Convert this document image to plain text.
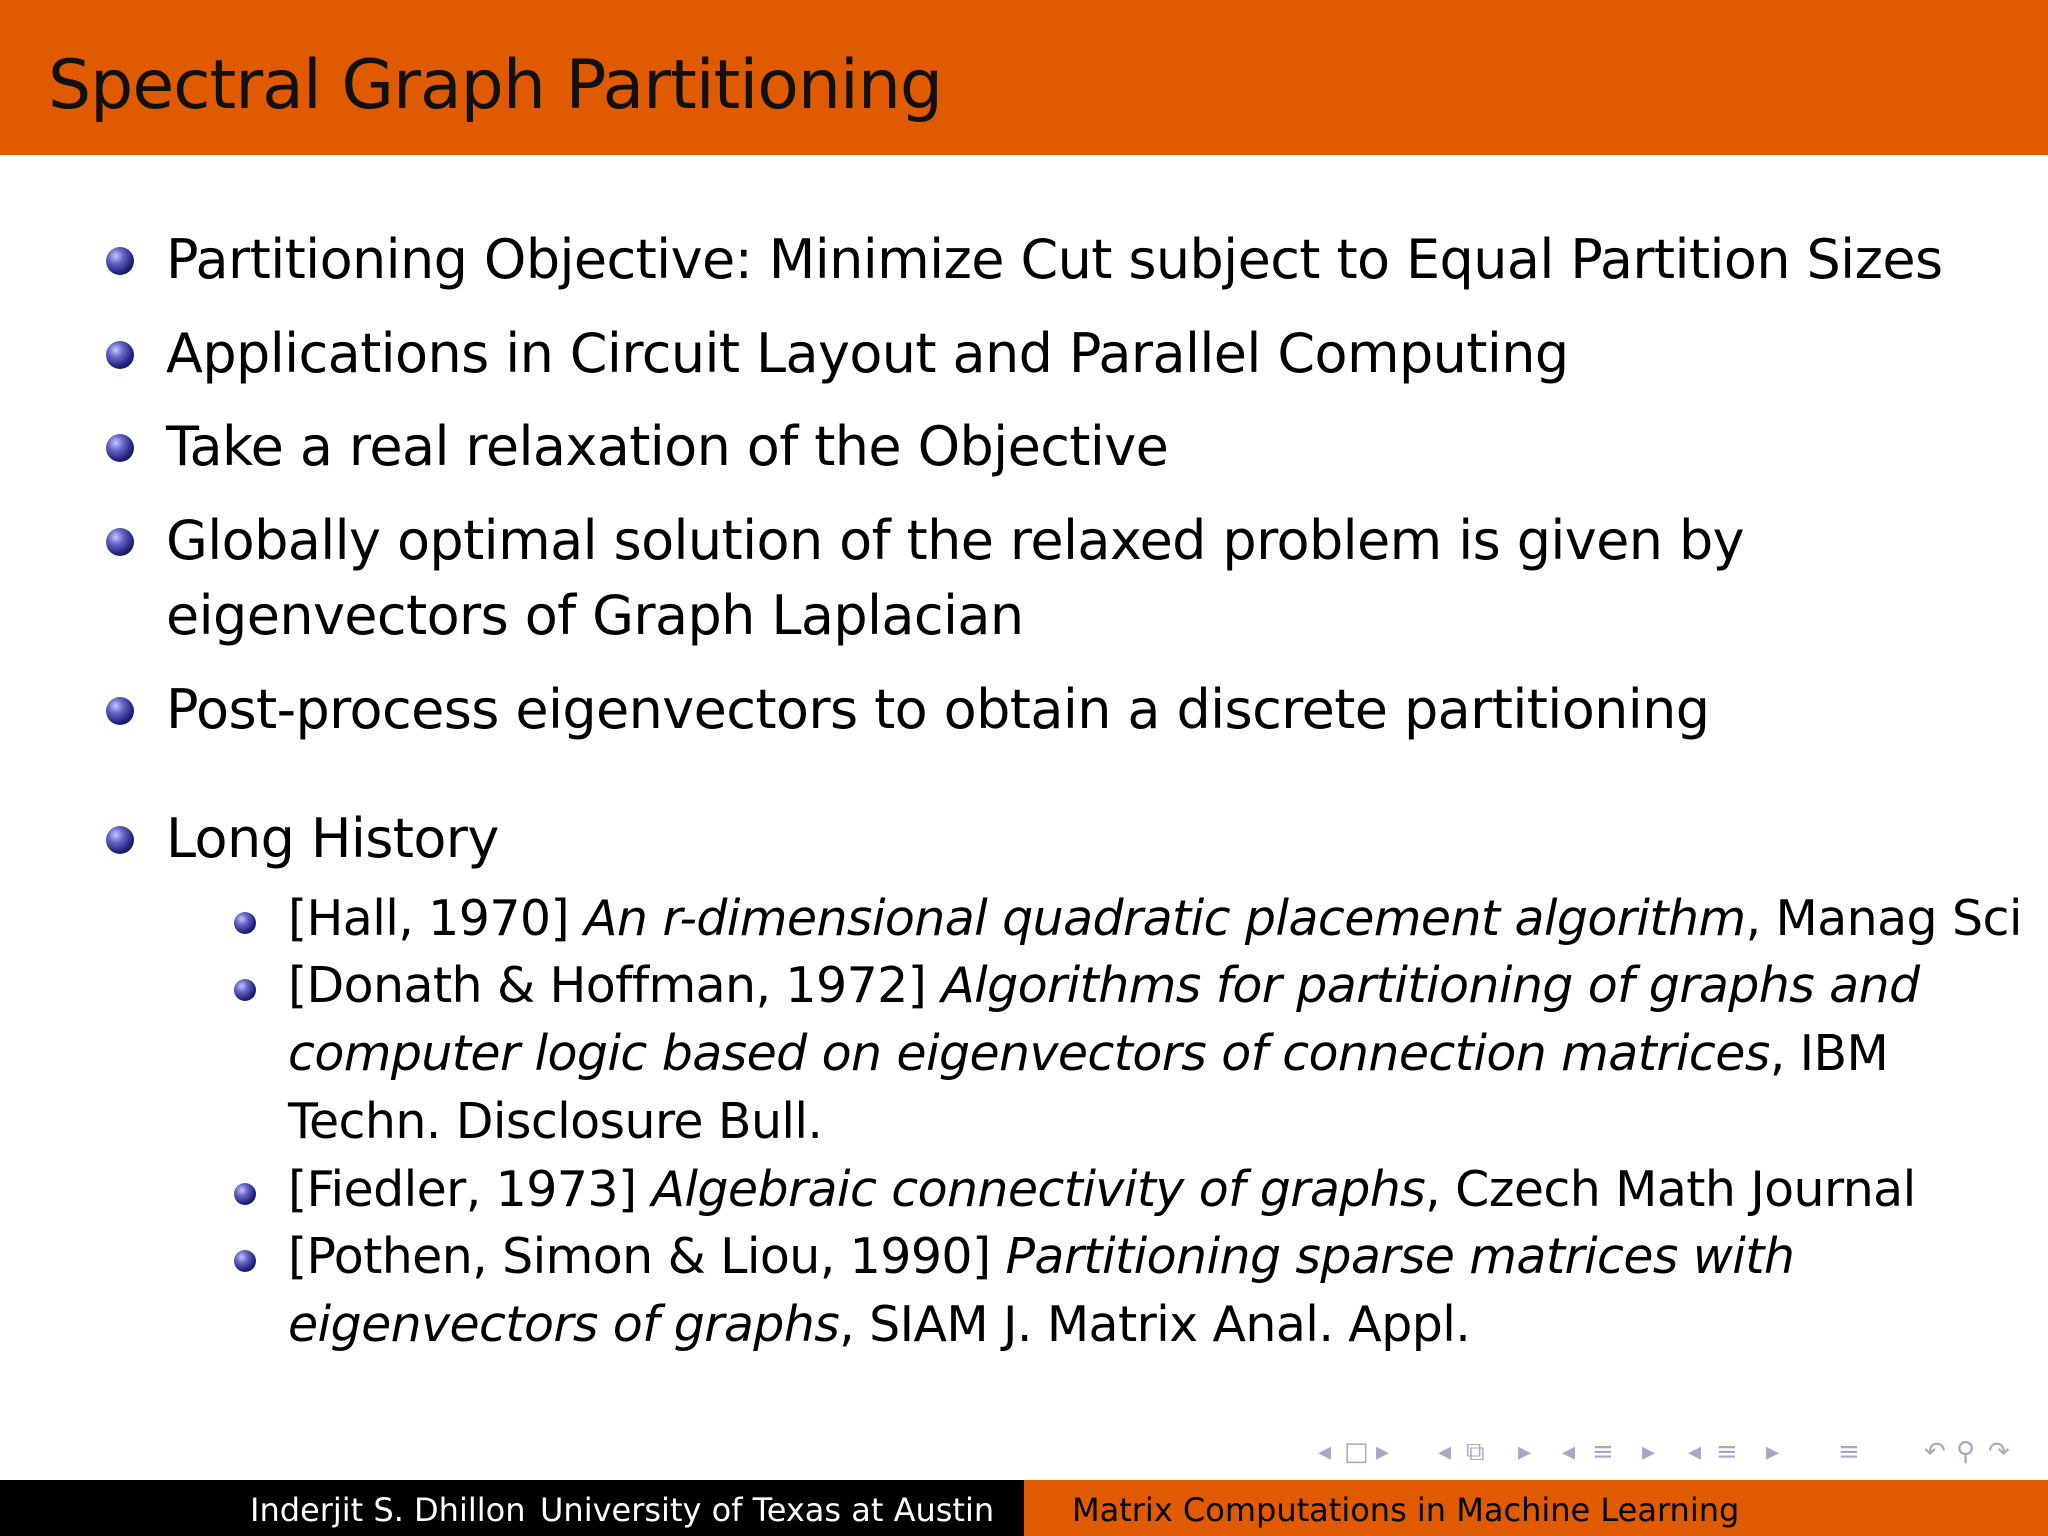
Spectral Graph Partitioning
Partitioning Objective: Minimize Cut subject to Equal Partition Sizes
Applications in Circuit Layout and Parallel Computing
Take a real relaxation of the Objective
Globally optimal solution of the relaxed problem is given by
eigenvectors of Graph Laplacian
Post-process eigenvectors to obtain a discrete partitioning
Long History
[Hall, 1970] An r-dimensional quadratic placement algorithm, Manag Sci
[Donath & Hoffman, 1972] Algorithms for partitioning of graphs and
computer logic based on eigenvectors of connection matrices, IBM
Techn. Disclosure Bull.
[Fiedler, 1973] Algebraic connectivity of graphs, Czech Math Journal
[Pothen, Simon & Liou, 1990] Partitioning sparse matrices with
eigenvectors of graphs, SIAM J. Matrix Anal. Appl.
◂ □ ▸ ◂ ⧉ ▸ ◂ ≡ ▸ ◂ ≡ ▸ ≡ ↶ ⚲ ↷
Inderjit S. Dhillon University of Texas at Austin Matrix Computations in Machine Learning
